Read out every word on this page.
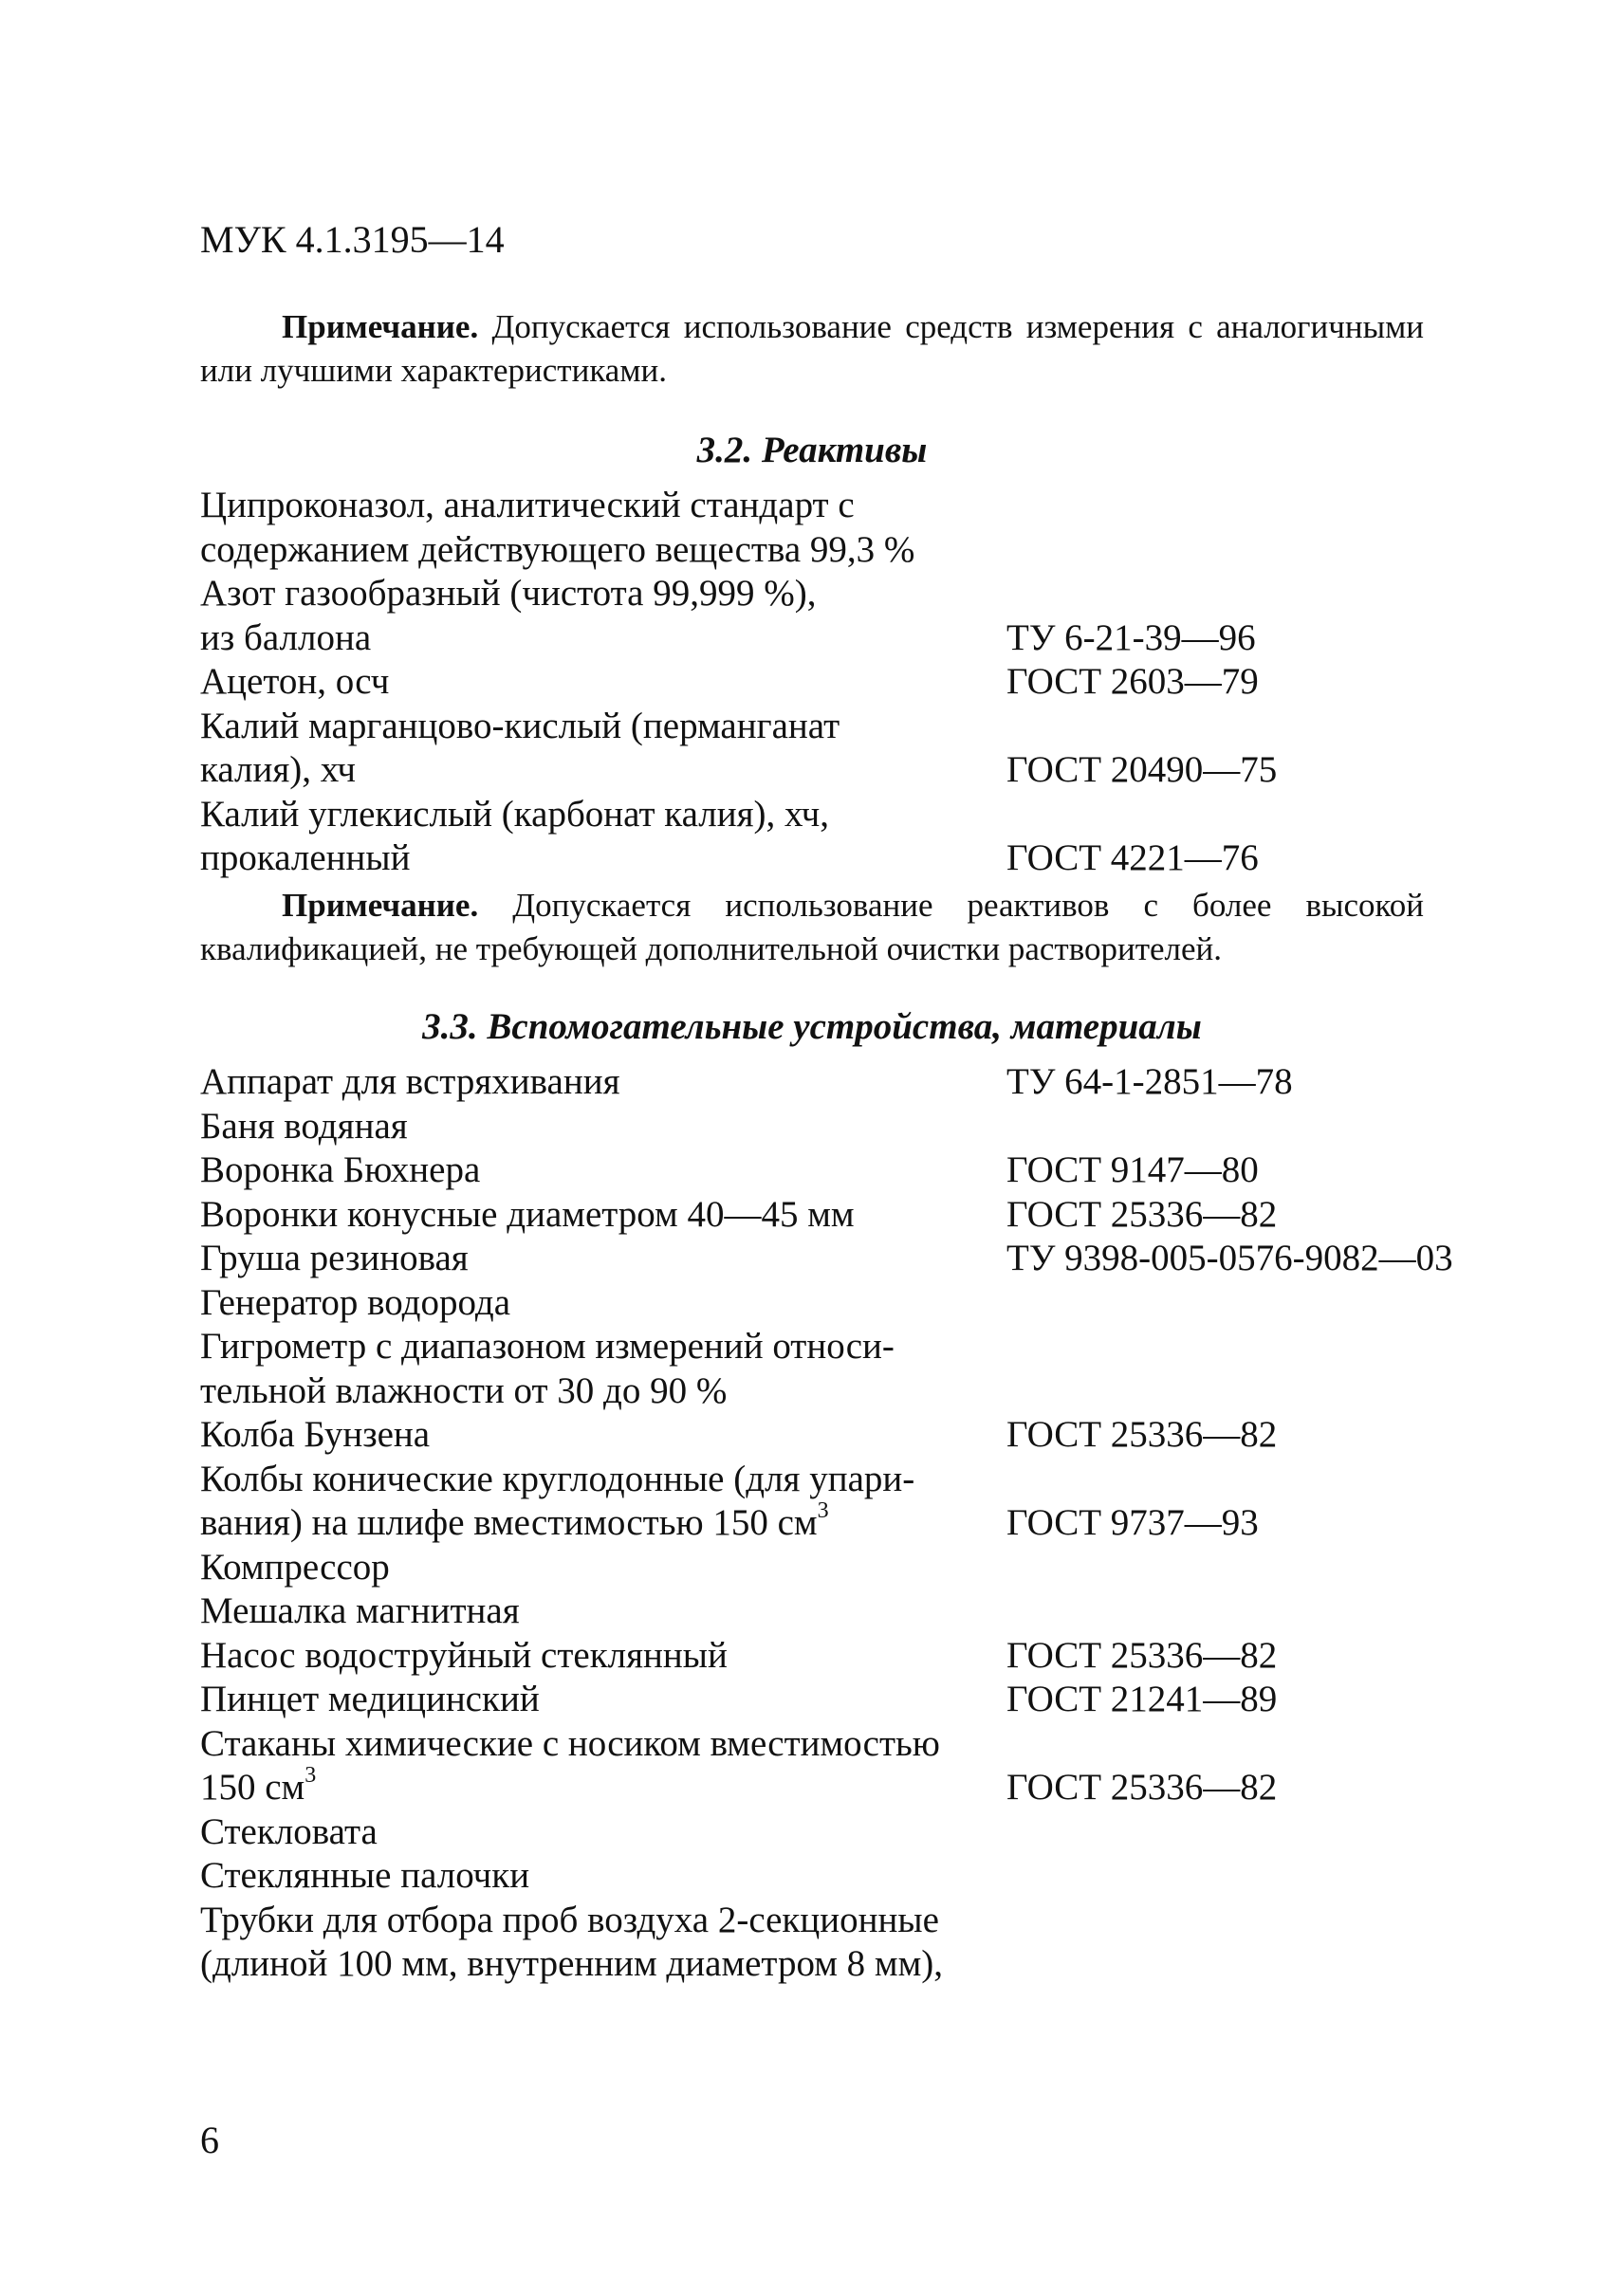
МУК 4.1.3195—14

Примечание. Допускается использование средств измерения с аналогичными или лучшими характеристиками.

3.2. Реактивы
Ципроконазол, аналитический стандарт с
содержанием действующего вещества 99,3 %
Азот газообразный (чистота 99,999 %),
из баллона	ТУ 6-21-39—96
Ацетон, осч	ГОСТ 2603—79
Калий марганцово-кислый (перманганат
калия), хч	ГОСТ 20490—75
Калий углекислый (карбонат калия), хч,
прокаленный	ГОСТ 4221—76

Примечание. Допускается использование реактивов с более высокой квалификацией, не требующей дополнительной очистки растворителей.

3.3. Вспомогательные устройства, материалы
Аппарат для встряхивания	ТУ 64-1-2851—78
Баня водяная
Воронка Бюхнера	ГОСТ 9147—80
Воронки конусные диаметром 40—45 мм	ГОСТ 25336—82
Груша резиновая	ТУ 9398-005-0576-9082—03
Генератор водорода
Гигрометр с диапазоном измерений относи-
тельной влажности от 30 до 90 %
Колба Бунзена	ГОСТ 25336—82
Колбы конические круглодонные (для упари-
вания) на шлифе вместимостью 150 $см^3$	ГОСТ 9737—93
Компрессор
Мешалка магнитная
Насос водоструйный стеклянный	ГОСТ 25336—82
Пинцет медицинский	ГОСТ 21241—89
Стаканы химические с носиком вместимостью
150 $см^3$	ГОСТ 25336—82
Стекловата
Стеклянные палочки
Трубки для отбора проб воздуха 2-секционные
(длиной 100 мм, внутренним диаметром 8 мм),
6
